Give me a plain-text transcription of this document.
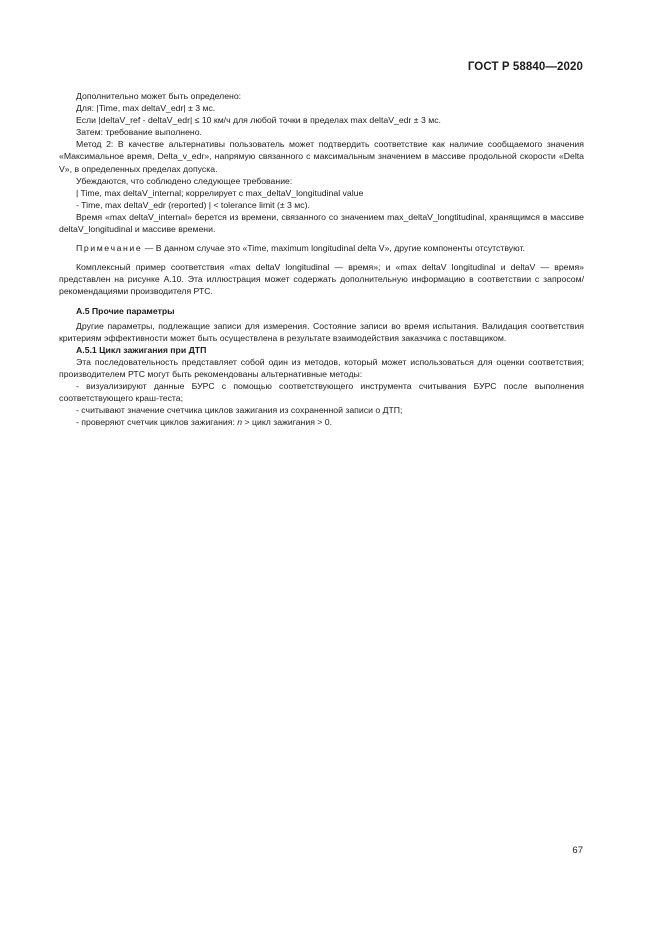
ГОСТ Р 58840—2020

Дополнительно может быть определено:

Для: |Time, max deltaV_edr| ± 3 мс.

Если |deltaV_ref - deltaV_edr| ≤ 10 км/ч для любой точки в пределах max deltaV_edr ± 3 мс.

Затем: требование выполнено.

Метод 2: В качестве альтернативы пользователь может подтвердить соответствие как наличие сообщаемого значения «Максимальное время, Delta_v_edr», напрямую связанного с максимальным значением в массиве продольной скорости «Delta V», в определенных пределах допуска.

Убеждаются, что соблюдено следующее требование:

| Time, max deltaV_internal; коррелирует с max_deltaV_longitudinal value

- Time, max deltaV_edr (reported) | < tolerance limit (± 3 мс).

Время «max deltaV_internal» берется из времени, связанного со значением max_deltaV_longtitudinal, хранящимся в массиве deltaV_longitudinal и массиве времени.

Примечание — В данном случае это «Time, maximum longitudinal delta V», другие компоненты отсутствуют.

Комплексный пример соответствия «max deltaV longitudinal — время»; и «max deltaV longitudinal и deltaV — время» представлен на рисунке А.10. Эта иллюстрация может содержать дополнительную информацию в соответствии с запросом/рекомендациями производителя РТС.

А.5 Прочие параметры

Другие параметры, подлежащие записи для измерения. Состояние записи во время испытания. Валидация соответствия критериям эффективности может быть осуществлена в результате взаимодействия заказчика с поставщиком.

А.5.1 Цикл зажигания при ДТП

Эта последовательность представляет собой один из методов, который может использоваться для оценки соответствия; производителем РТС могут быть рекомендованы альтернативные методы:

- визуализируют данные БУРС с помощью соответствующего инструмента считывания БУРС после выполнения соответствующего краш-теста;

- считывают значение счетчика циклов зажигания из сохраненной записи о ДТП;

- проверяют счетчик циклов зажигания: n > цикл зажигания > 0.

67
